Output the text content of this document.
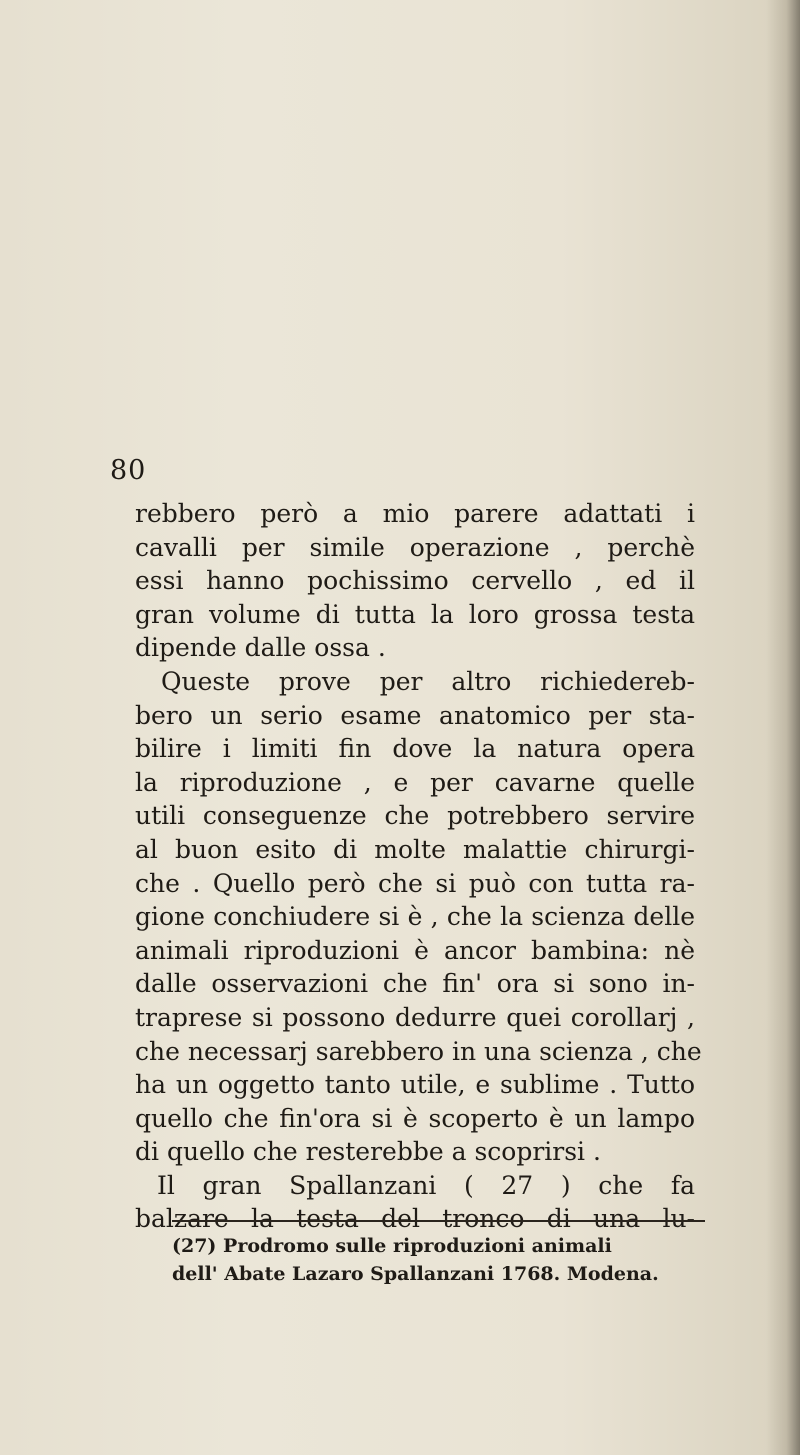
80
rebbero però a mio parere adattati i
cavalli per simile operazione , perchè
essi hanno pochissimo cervello , ed il
gran volume di tutta la loro grossa testa
dipende dalle ossa .
Queste prove per altro richiedereb-
bero un serio esame anatomico per sta-
bilire i limiti fin dove la natura opera
la riproduzione , e per cavarne quelle
utili conseguenze che potrebbero servire
al buon esito di molte malattie chirurgi-
che . Quello però che si può con tutta ra-
gione conchiudere si è , che la scienza delle
animali riproduzioni è ancor bambina: nè
dalle osservazioni che fin' ora si sono in-
traprese si possono dedurre quei corollarj ,
che necessarj sarebbero in una scienza , che
ha un oggetto tanto utile, e sublime . Tutto
quello che fin'ora si è scoperto è un lampo
di quello che resterebbe a scoprirsi .
Il gran Spallanzani ( 27 ) che fa
balzare la testa del tronco di una lu-
(27) Prodromo sulle riproduzioni animali
dell' Abate Lazaro Spallanzani 1768. Modena.
